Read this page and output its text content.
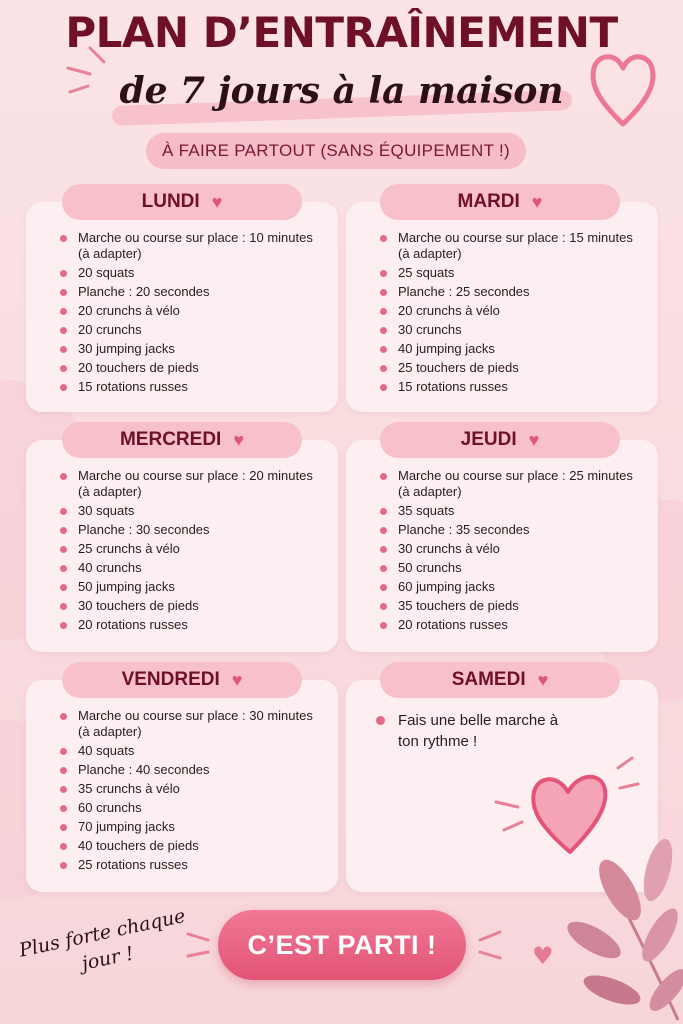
PLAN D’ENTRAÎNEMENT
de 7 jours à la maison
À FAIRE PARTOUT (SANS ÉQUIPEMENT !)
Marche ou course sur place : 10 minutes (à adapter)
20 squats
Planche : 20 secondes
20 crunchs à vélo
20 crunchs
30 jumping jacks
20 touchers de pieds
15 rotations russes
LUNDI ♥
Marche ou course sur place : 15 minutes (à adapter)
25 squats
Planche : 25 secondes
20 crunchs à vélo
30 crunchs
40 jumping jacks
25 touchers de pieds
15 rotations russes
MARDI ♥
Marche ou course sur place : 20 minutes (à adapter)
30 squats
Planche : 30 secondes
25 crunchs à vélo
40 crunchs
50 jumping jacks
30 touchers de pieds
20 rotations russes
MERCREDI ♥
Marche ou course sur place : 25 minutes (à adapter)
35 squats
Planche : 35 secondes
30 crunchs à vélo
50 crunchs
60 jumping jacks
35 touchers de pieds
20 rotations russes
JEUDI ♥
Marche ou course sur place : 30 minutes (à adapter)
40 squats
Planche : 40 secondes
35 crunchs à vélo
60 crunchs
70 jumping jacks
40 touchers de pieds
25 rotations russes
VENDREDI ♥
Fais une belle marche à ton rythme !
SAMEDI ♥
Plus forte chaque jour !	C’EST PARTI !	♥
